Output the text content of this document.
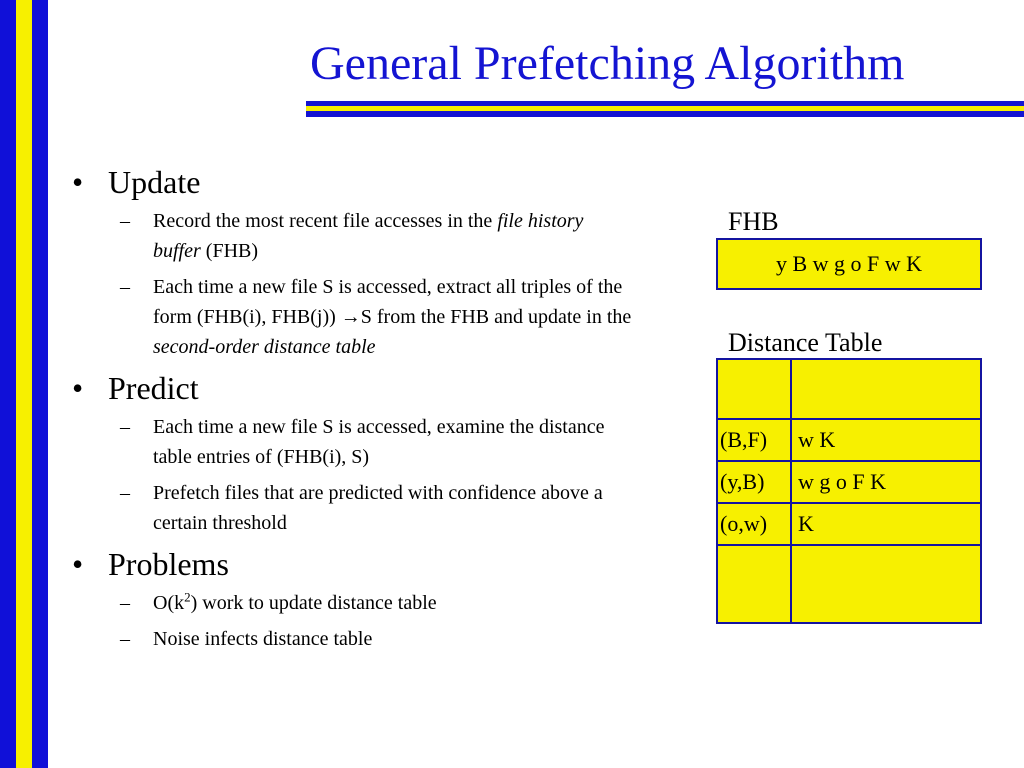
General Prefetching Algorithm
• Update
– Record the most recent file accesses in the file history buffer (FHB)
– Each time a new file S is accessed, extract all triples of the form (FHB(i), FHB(j)) →S from the FHB and update in the second-order distance table
• Predict
– Each time a new file S is accessed, examine the distance table entries of (FHB(i), S)
– Prefetch files that are predicted with confidence above a certain threshold
• Problems
– $O(k^2)$ work to update distance table
– Noise infects distance table
FHB
y B w g o F w K
Distance Table

(B,F)	w K
(y,B)	w g o F K
(o,w)	K
